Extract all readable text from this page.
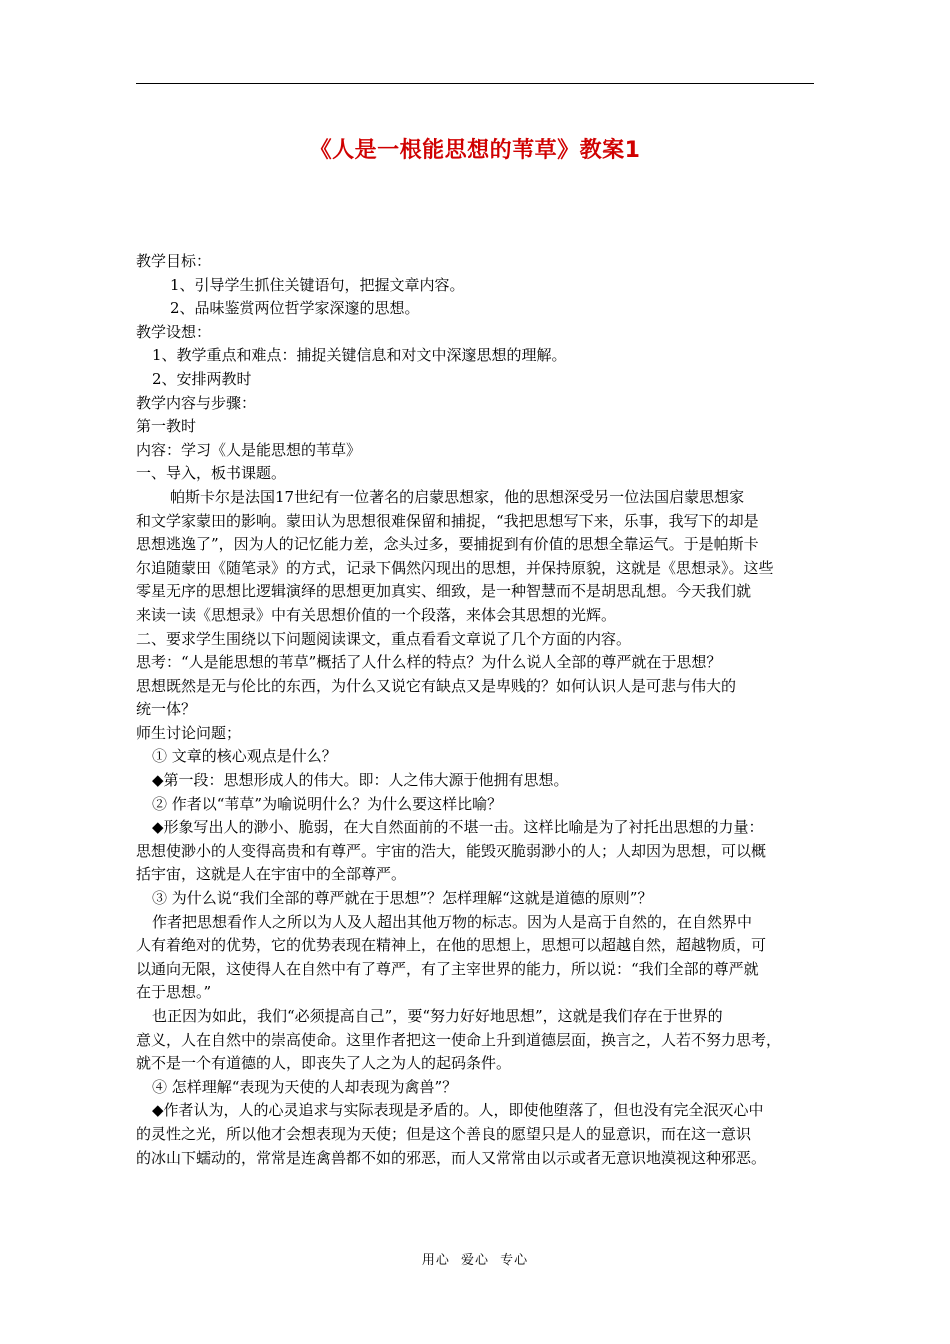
《人是一根能思想的苇草》教案1

教学目标：

1、引导学生抓住关键语句，把握文章内容。

2、品味鉴赏两位哲学家深邃的思想。

教学设想：

1、教学重点和难点：捕捉关键信息和对文中深邃思想的理解。

2、安排两教时

教学内容与步骤：

第一教时

内容：学习《人是能思想的苇草》

一、导入，板书课题。

帕斯卡尔是法国17世纪有一位著名的启蒙思想家，他的思想深受另一位法国启蒙思想家

和文学家蒙田的影响。蒙田认为思想很难保留和捕捉，“我把思想写下来，乐事，我写下的却是

思想逃逸了”，因为人的记忆能力差，念头过多，要捕捉到有价值的思想全靠运气。于是帕斯卡

尔追随蒙田《随笔录》的方式，记录下偶然闪现出的思想，并保持原貌，这就是《思想录》。这些

零星无序的思想比逻辑演绎的思想更加真实、细致，是一种智慧而不是胡思乱想。今天我们就

来读一读《思想录》中有关思想价值的一个段落，来体会其思想的光辉。

二、要求学生围绕以下问题阅读课文，重点看看文章说了几个方面的内容。

思考：“人是能思想的苇草”概括了人什么样的特点？为什么说人全部的尊严就在于思想？

思想既然是无与伦比的东西，为什么又说它有缺点又是卑贱的？如何认识人是可悲与伟大的

统一体？

师生讨论问题；

① 文章的核心观点是什么？

◆第一段：思想形成人的伟大。即：人之伟大源于他拥有思想。

② 作者以“苇草”为喻说明什么？为什么要这样比喻？

◆形象写出人的渺小、脆弱，在大自然面前的不堪一击。这样比喻是为了衬托出思想的力量：

思想使渺小的人变得高贵和有尊严。宇宙的浩大，能毁灭脆弱渺小的人；人却因为思想，可以概

括宇宙，这就是人在宇宙中的全部尊严。

③ 为什么说“我们全部的尊严就在于思想”？怎样理解“这就是道德的原则”？

作者把思想看作人之所以为人及人超出其他万物的标志。因为人是高于自然的，在自然界中

人有着绝对的优势，它的优势表现在精神上，在他的思想上，思想可以超越自然，超越物质，可

以通向无限，这使得人在自然中有了尊严，有了主宰世界的能力，所以说：“我们全部的尊严就

在于思想。”

也正因为如此，我们“必须提高自己”，要“努力好好地思想”，这就是我们存在于世界的

意义，人在自然中的崇高使命。这里作者把这一使命上升到道德层面，换言之，人若不努力思考，

就不是一个有道德的人，即丧失了人之为人的起码条件。

④ 怎样理解“表现为天使的人却表现为禽兽”？

◆作者认为，人的心灵追求与实际表现是矛盾的。人，即使他堕落了，但也没有完全泯灭心中

的灵性之光，所以他才会想表现为天使；但是这个善良的愿望只是人的显意识，而在这一意识

的冰山下蠕动的，常常是连禽兽都不如的邪恶，而人又常常由以示或者无意识地漠视这种邪恶。

用心 爱心 专心
